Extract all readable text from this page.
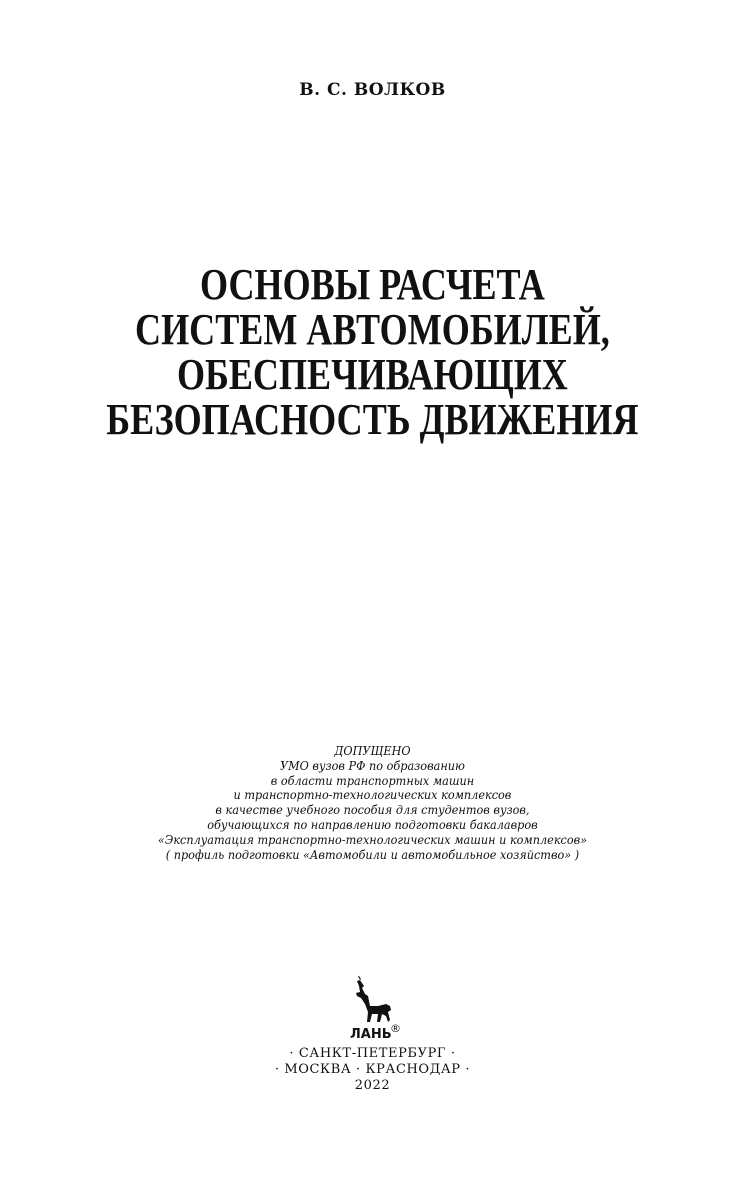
В. С. ВОЛКОВ
ОСНОВЫ РАСЧЕТА
СИСТЕМ АВТОМОБИЛЕЙ,
ОБЕСПЕЧИВАЮЩИХ
БЕЗОПАСНОСТЬ ДВИЖЕНИЯ
ДОПУЩЕНО
УМО вузов РФ по образованию
в области транспортных машин
и транспортно-технологических комплексов
в качестве учебного пособия для студентов вузов,
обучающихся по направлению подготовки бакалавров
«Эксплуатация транспортно-технологических машин и комплексов»
( профиль подготовки «Автомобили и автомобильное хозяйство» )
ЛАНЬ
®
· САНКТ-ПЕТЕРБУРГ ·
· МОСКВА · КРАСНОДАР ·
2022
